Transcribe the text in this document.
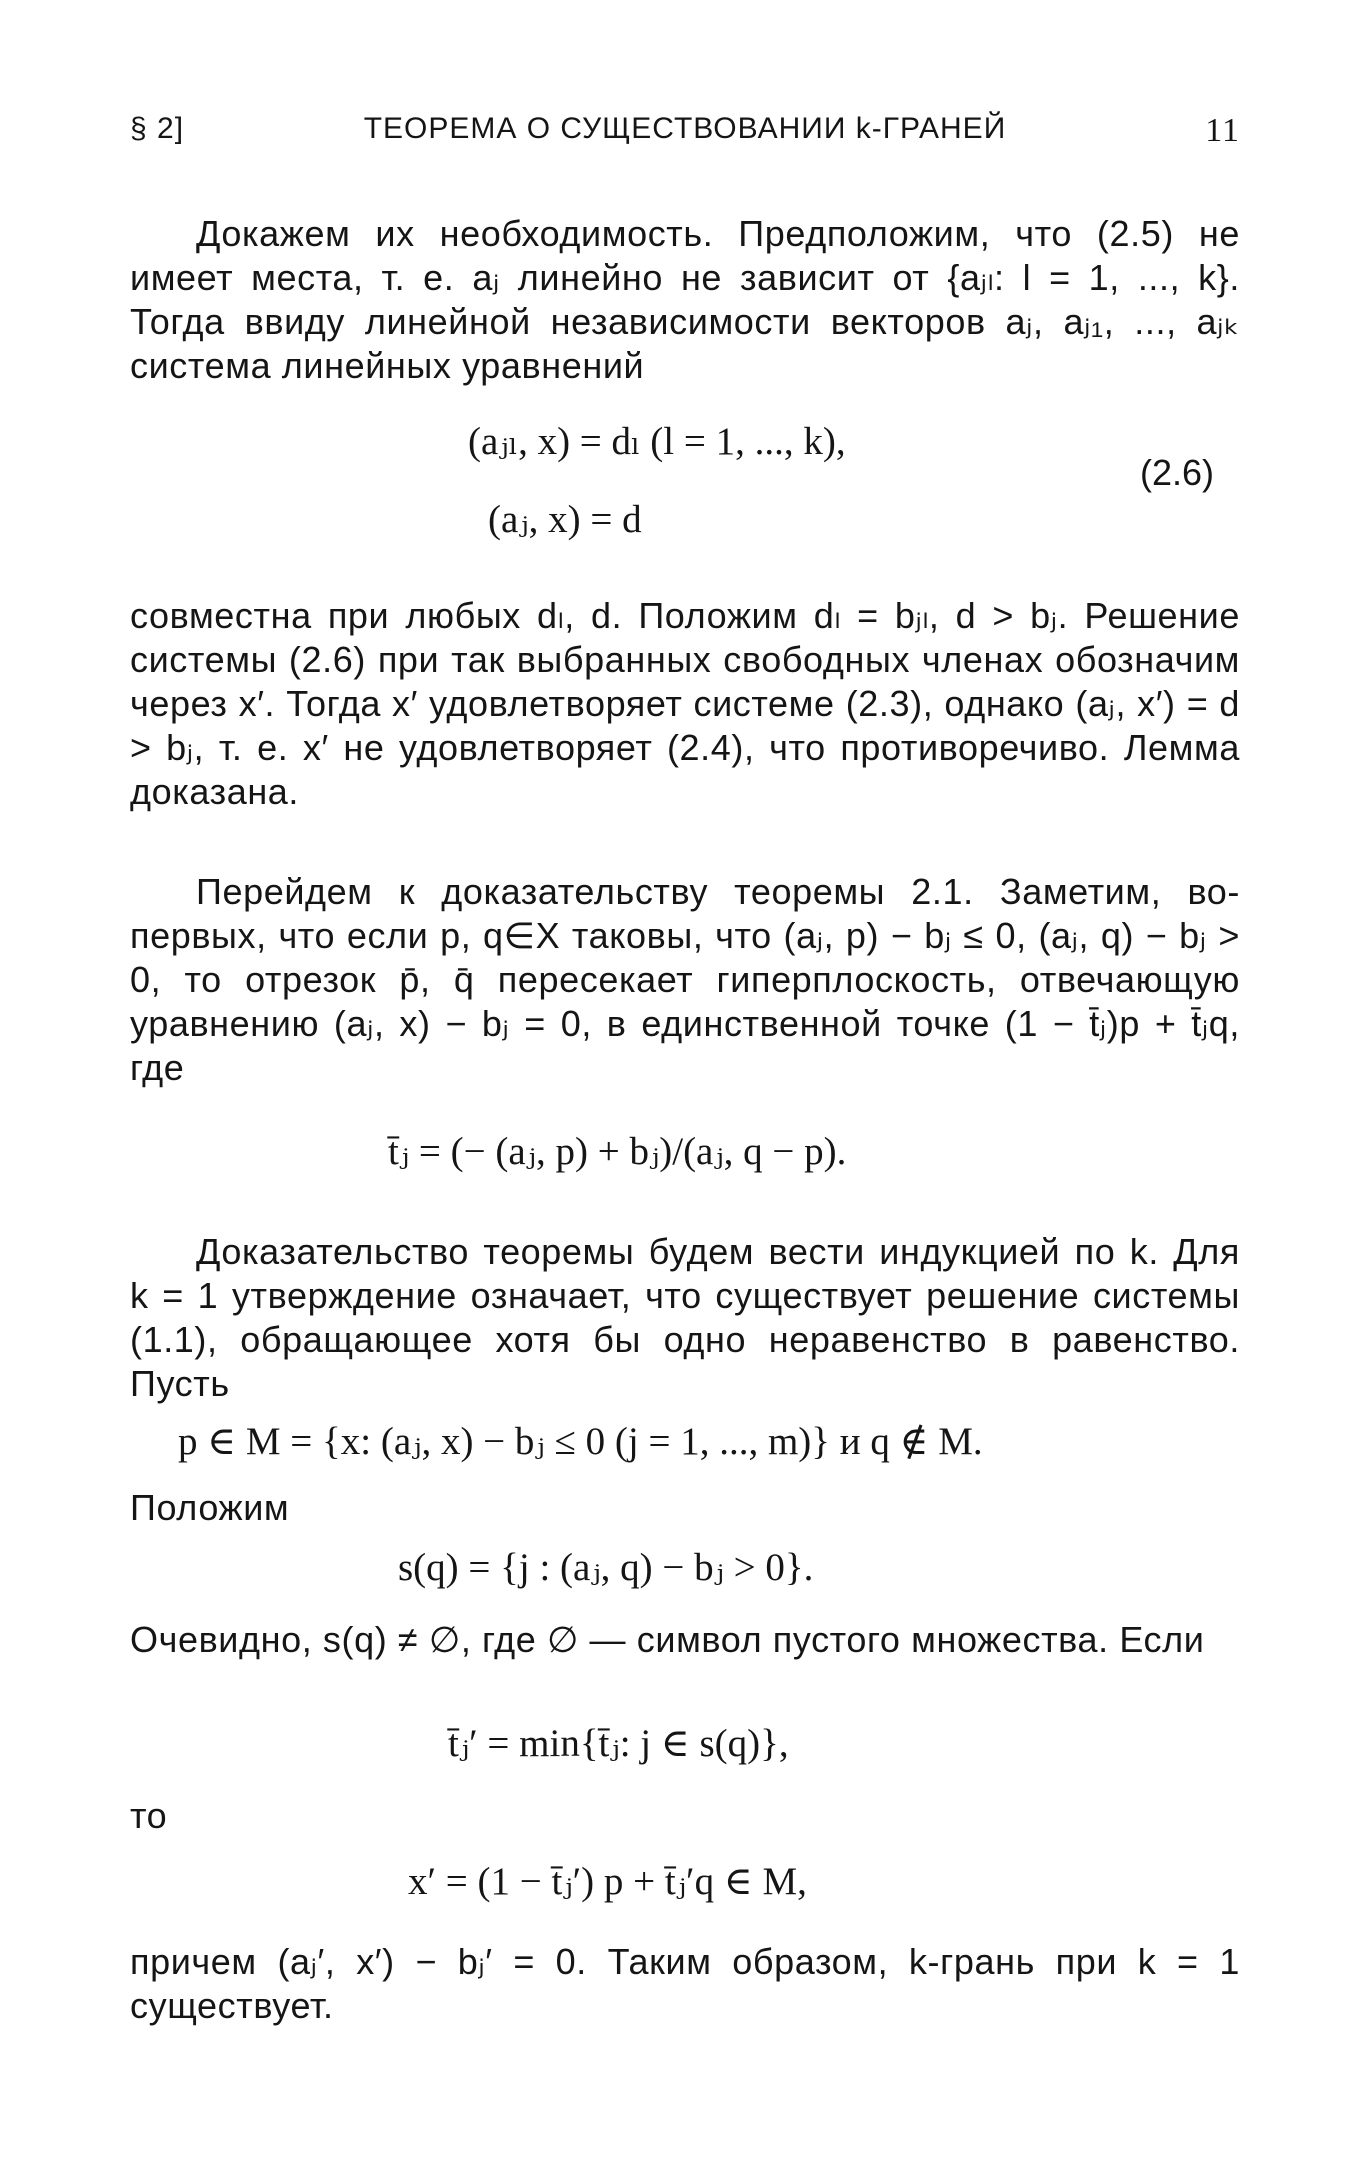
§ 2]	ТЕОРЕМА О СУЩЕСТВОВАНИИ k-ГРАНЕЙ	11

Докажем их необходимость. Предположим, что (2.5) не имеет места, т. е. aⱼ линейно не зависит от {aⱼₗ: l = 1, ..., k}. Тогда ввиду линейной независимости векторов aⱼ, aⱼ₁, ..., aⱼₖ система линейных уравнений

(aⱼₗ, x) = dₗ (l = 1, ..., k),
(aⱼ, x) = d
(2.6)

совместна при любых dₗ, d. Положим dₗ = bⱼₗ, d > bⱼ. Решение системы (2.6) при так выбранных свободных членах обозначим через x′. Тогда x′ удовлетворяет системе (2.3), однако (aⱼ, x′) = d > bⱼ, т. е. x′ не удовлетворяет (2.4), что противоречиво. Лемма доказана.

Перейдем к доказательству теоремы 2.1. Заметим, во-первых, что если p, q∈X таковы, что (aⱼ, p) − bⱼ ≤ 0, (aⱼ, q) − bⱼ > 0, то отрезок p̄, q̄ пересекает гиперплоскость, отвечающую уравнению (aⱼ, x) − bⱼ = 0, в единственной точке (1 − t̄ⱼ)p + t̄ⱼq, где

t̄ⱼ = (− (aⱼ, p) + bⱼ)/(aⱼ, q − p).

Доказательство теоремы будем вести индукцией по k. Для k = 1 утверждение означает, что существует решение системы (1.1), обращающее хотя бы одно неравенство в равенство. Пусть

p ∈ M = {x: (aⱼ, x) − bⱼ ≤ 0 (j = 1, ..., m)} и q ∉ M.

Положим

s(q) = {j : (aⱼ, q) − bⱼ > 0}.

Очевидно, s(q) ≠ ∅, где ∅ — символ пустого множества. Если

t̄ⱼ′ = min{t̄ⱼ: j ∈ s(q)},

то

x′ = (1 − t̄ⱼ′) p + t̄ⱼ′q ∈ M,

причем (aⱼ′, x′) − bⱼ′ = 0. Таким образом, k-грань при k = 1 существует.
